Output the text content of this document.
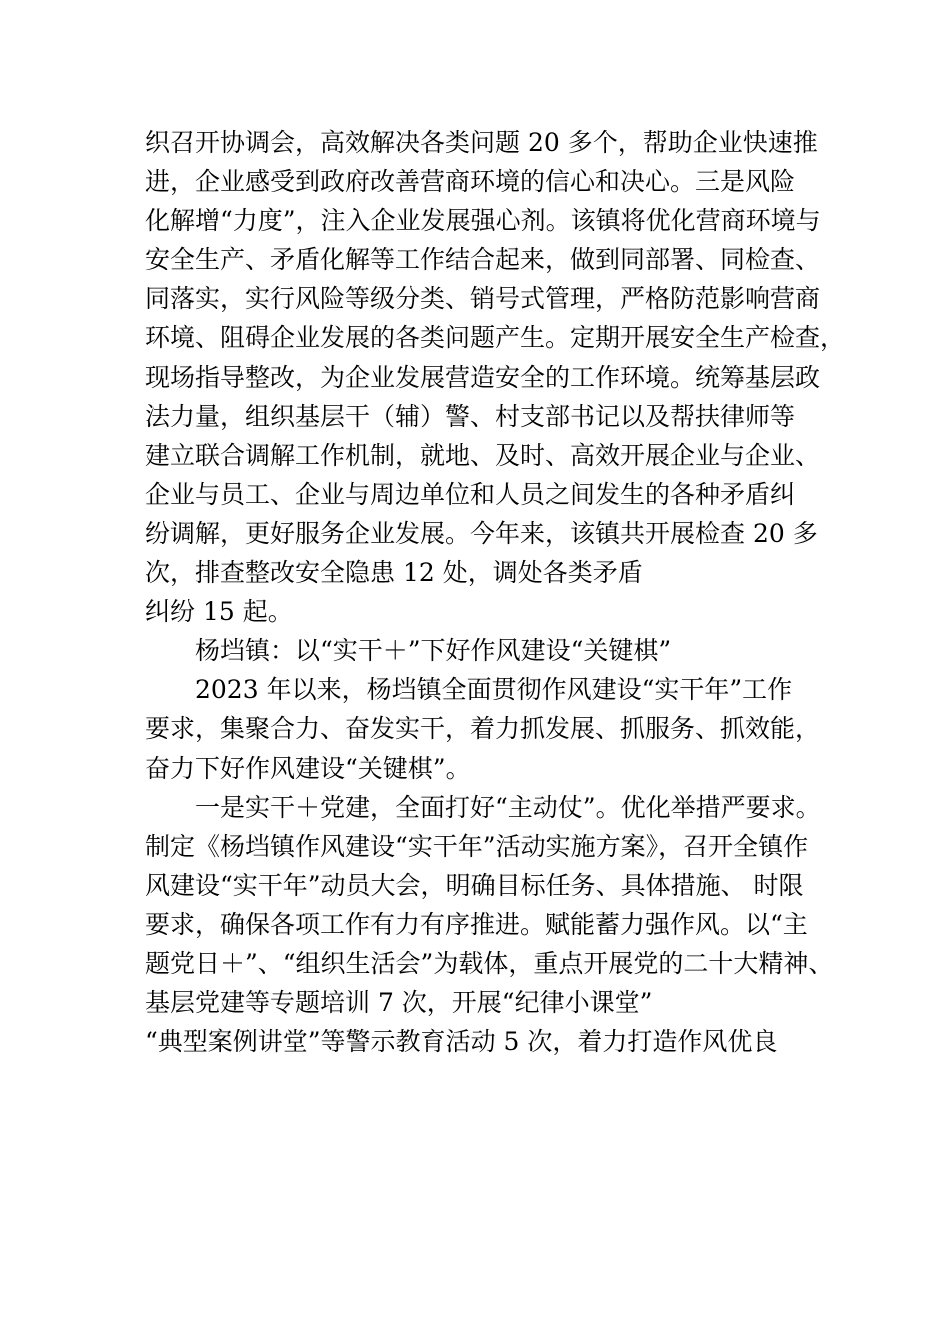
织召开协调会，高效解决各类问题 20 多个，帮助企业快速推
进，企业感受到政府改善营商环境的信心和决心。三是风险
化解增“力度”，注入企业发展强心剂。该镇将优化营商环境与
安全生产、矛盾化解等工作结合起来，做到同部署、同检查、
同落实，实行风险等级分类、销号式管理，严格防范影响营商
环境、阻碍企业发展的各类问题产生。定期开展安全生产检查，
现场指导整改，为企业发展营造安全的工作环境。统筹基层政
法力量，组织基层干（辅）警、村支部书记以及帮扶律师等
建立联合调解工作机制，就地、及时、高效开展企业与企业、
企业与员工、企业与周边单位和人员之间发生的各种矛盾纠
纷调解，更好服务企业发展。今年来，该镇共开展检查 20 多
次，排查整改安全隐患 12 处，调处各类矛盾
纠纷 15 起。
杨垱镇：以“实干＋”下好作风建设“关键棋”
2023 年以来，杨垱镇全面贯彻作风建设“实干年”工作
要求，集聚合力、奋发实干，着力抓发展、抓服务、抓效能，
奋力下好作风建设“关键棋”。
一是实干＋党建，全面打好“主动仗”。优化举措严要求。
制定《杨垱镇作风建设“实干年”活动实施方案》，召开全镇作
风建设“实干年”动员大会，明确目标任务、具体措施、 时限
要求，确保各项工作有力有序推进。赋能蓄力强作风。以“主
题党日＋”、“组织生活会”为载体，重点开展党的二十大精神、
基层党建等专题培训 7 次，开展“纪律小课堂”
“典型案例讲堂”等警示教育活动 5 次，着力打造作风优良
